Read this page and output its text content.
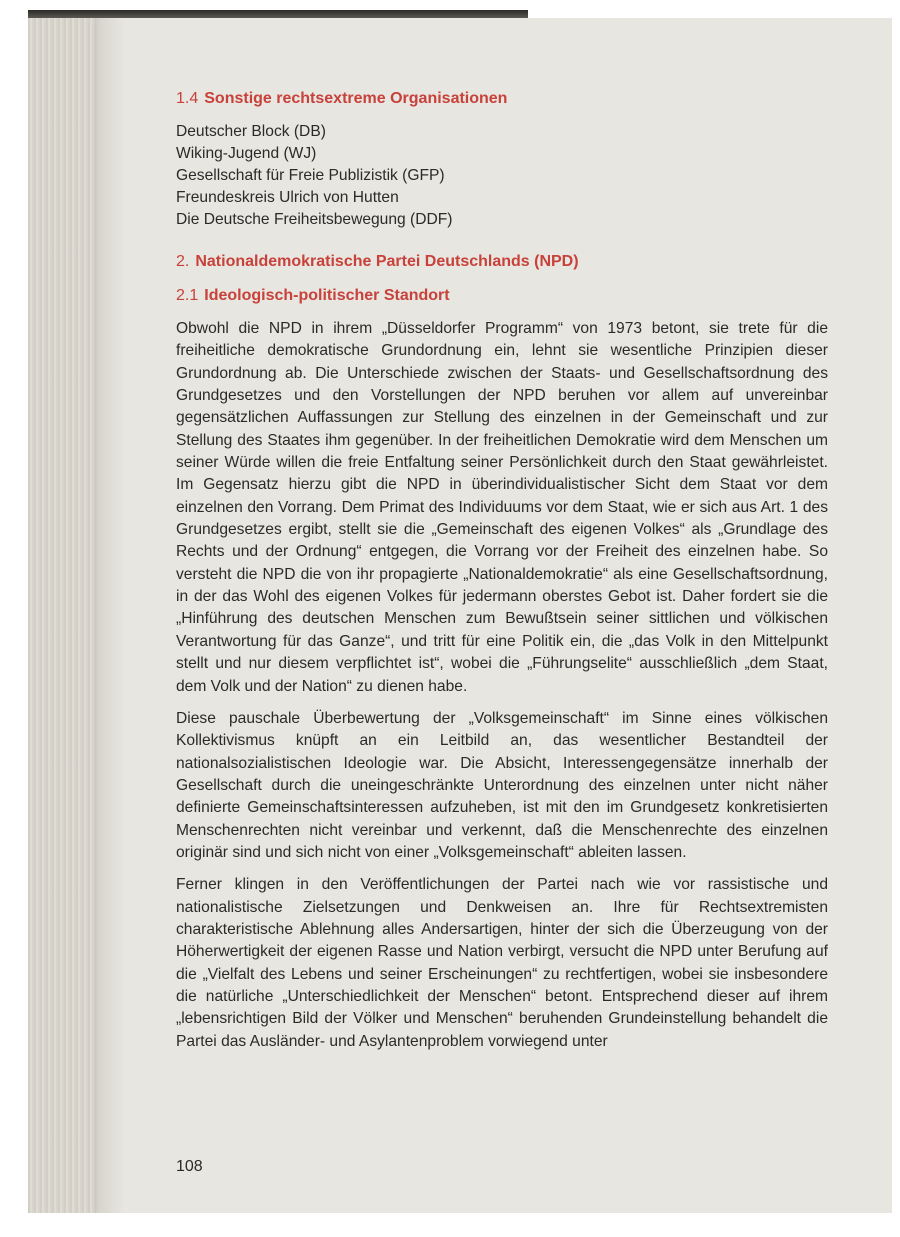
1.4 Sonstige rechtsextreme Organisationen
Deutscher Block (DB)
Wiking-Jugend (WJ)
Gesellschaft für Freie Publizistik (GFP)
Freundeskreis Ulrich von Hutten
Die Deutsche Freiheitsbewegung (DDF)
2. Nationaldemokratische Partei Deutschlands (NPD)
2.1 Ideologisch-politischer Standort

Obwohl die NPD in ihrem „Düsseldorfer Programm“ von 1973 betont, sie trete für die freiheitliche demokratische Grundordnung ein, lehnt sie wesentliche Prinzipien dieser Grundordnung ab. Die Unterschiede zwischen der Staats- und Gesellschaftsordnung des Grundgesetzes und den Vorstellungen der NPD beruhen vor allem auf unvereinbar gegensätzlichen Auffassungen zur Stellung des einzelnen in der Gemeinschaft und zur Stellung des Staates ihm gegenüber. In der freiheitlichen Demokratie wird dem Menschen um seiner Würde willen die freie Entfaltung seiner Persönlichkeit durch den Staat gewährleistet. Im Gegensatz hierzu gibt die NPD in überindividualistischer Sicht dem Staat vor dem einzelnen den Vorrang. Dem Primat des Individuums vor dem Staat, wie er sich aus Art. 1 des Grundgesetzes ergibt, stellt sie die „Gemeinschaft des eigenen Volkes“ als „Grundlage des Rechts und der Ordnung“ entgegen, die Vorrang vor der Freiheit des einzelnen habe. So versteht die NPD die von ihr propagierte „Nationaldemokratie“ als eine Gesellschaftsordnung, in der das Wohl des eigenen Volkes für jedermann oberstes Gebot ist. Daher fordert sie die „Hinführung des deutschen Menschen zum Bewußtsein seiner sittlichen und völkischen Verantwortung für das Ganze“, und tritt für eine Politik ein, die „das Volk in den Mittelpunkt stellt und nur diesem verpflichtet ist“, wobei die „Führungselite“ ausschließlich „dem Staat, dem Volk und der Nation“ zu dienen habe.

Diese pauschale Überbewertung der „Volksgemeinschaft“ im Sinne eines völkischen Kollektivismus knüpft an ein Leitbild an, das wesentlicher Bestandteil der nationalsozialistischen Ideologie war. Die Absicht, Interessengegensätze innerhalb der Gesellschaft durch die uneingeschränkte Unterordnung des einzelnen unter nicht näher definierte Gemeinschaftsinteressen aufzuheben, ist mit den im Grundgesetz konkretisierten Menschenrechten nicht vereinbar und verkennt, daß die Menschenrechte des einzelnen originär sind und sich nicht von einer „Volksgemeinschaft“ ableiten lassen.

Ferner klingen in den Veröffentlichungen der Partei nach wie vor rassistische und nationalistische Zielsetzungen und Denkweisen an. Ihre für Rechtsextremisten charakteristische Ablehnung alles Andersartigen, hinter der sich die Überzeugung von der Höherwertigkeit der eigenen Rasse und Nation verbirgt, versucht die NPD unter Berufung auf die „Vielfalt des Lebens und seiner Erscheinungen“ zu rechtfertigen, wobei sie insbesondere die natürliche „Unterschiedlichkeit der Menschen“ betont. Entsprechend dieser auf ihrem „lebensrichtigen Bild der Völker und Menschen“ beruhenden Grundeinstellung behandelt die Partei das Ausländer- und Asylantenproblem vorwiegend unter

108
